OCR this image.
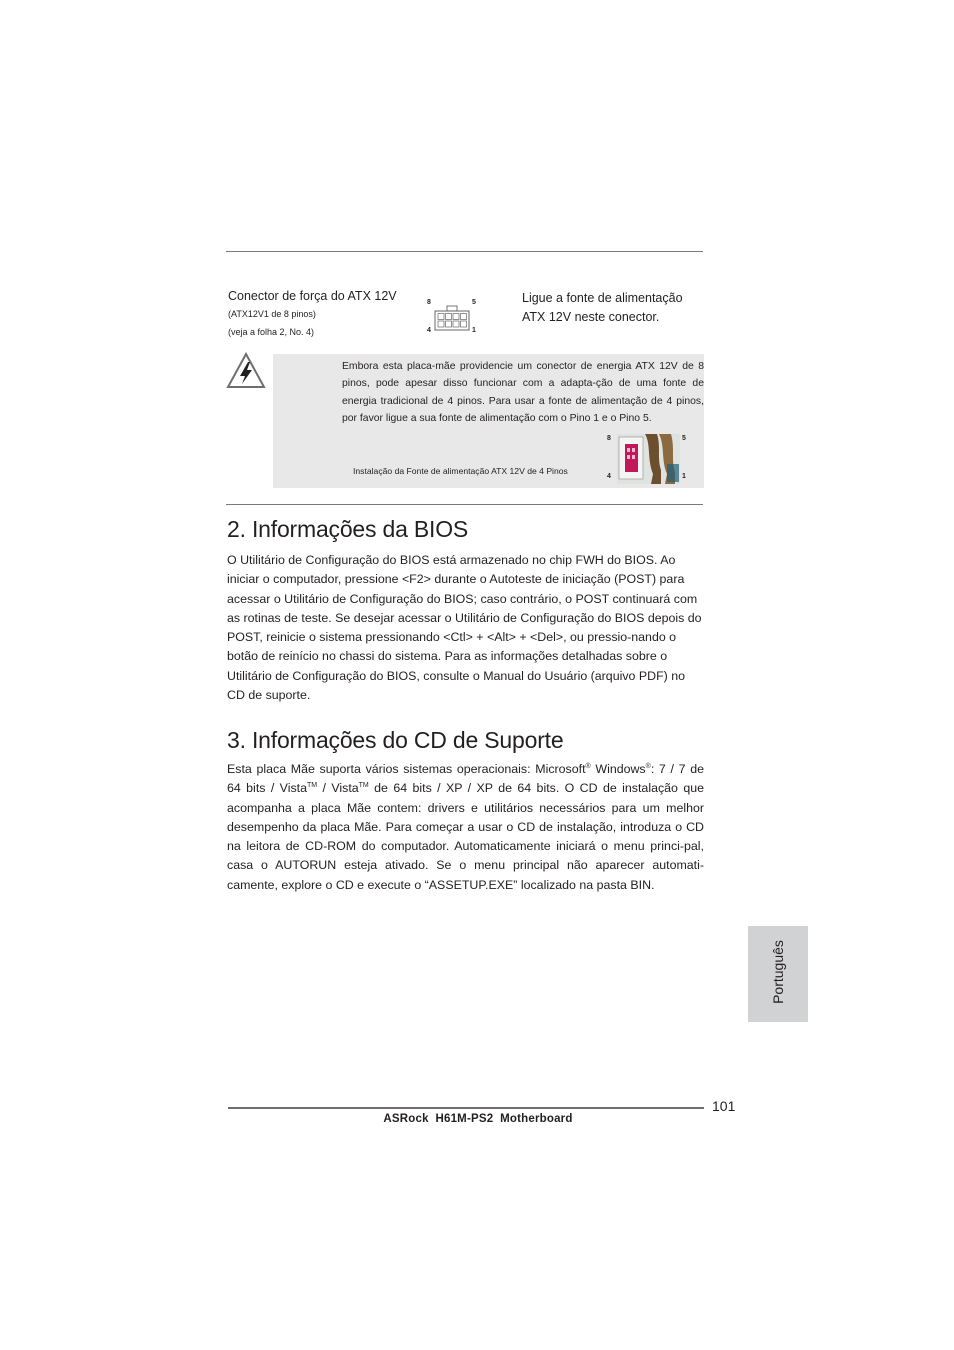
Conector de força do ATX 12V
(ATX12V1 de 8 pinos)
(veja a folha 2, No. 4)
8	5
4	1
Ligue a fonte de alimentação ATX 12V neste conector.
Embora esta placa-mãe providencie um conector de energia ATX 12V de 8 pinos, pode apesar disso funcionar com a adapta-ção de uma fonte de energia tradicional de 4 pinos. Para usar a fonte de alimentação de 4 pinos, por favor ligue a sua fonte de alimentação com o Pino 1 e o Pino 5.
Instalação da Fonte de alimentação ATX 12V de 4 Pinos
8	5
4	1
2. Informações da BIOS
O Utilitário de Configuração do BIOS está armazenado no chip FWH do BIOS. Ao iniciar o computador, pressione <F2> durante o Autoteste de iniciação (POST) para acessar o Utilitário de Configuração do BIOS; caso contrário, o POST continuará com as rotinas de teste. Se desejar acessar o Utilitário de Configuração do BIOS depois do POST, reinicie o sistema pressionando <Ctl> + <Alt> + <Del>, ou pressio-nando o botão de reinício no chassi do sistema. Para as informações detalhadas sobre o Utilitário de Configuração do BIOS, consulte o Manual do Usuário (arquivo PDF) no CD de suporte.
3. Informações do CD de Suporte
Esta placa Mãe suporta vários sistemas operacionais: Microsoft® Windows®: 7 / 7 de 64 bits / Vista™ / Vista™ de 64 bits / XP / XP de 64 bits. O CD de instalação que acompanha a placa Mãe contem: drivers e utilitários necessários para um melhor desempenho da placa Mãe. Para começar a usar o CD de instalação, introduza o CD na leitora de CD-ROM do computador. Automaticamente iniciará o menu princi-pal, casa o AUTORUN esteja ativado. Se o menu principal não aparecer automati-camente, explore o CD e execute o “ASSETUP.EXE” localizado na pasta BIN.
Português
101
ASRock  H61M-PS2  Motherboard
